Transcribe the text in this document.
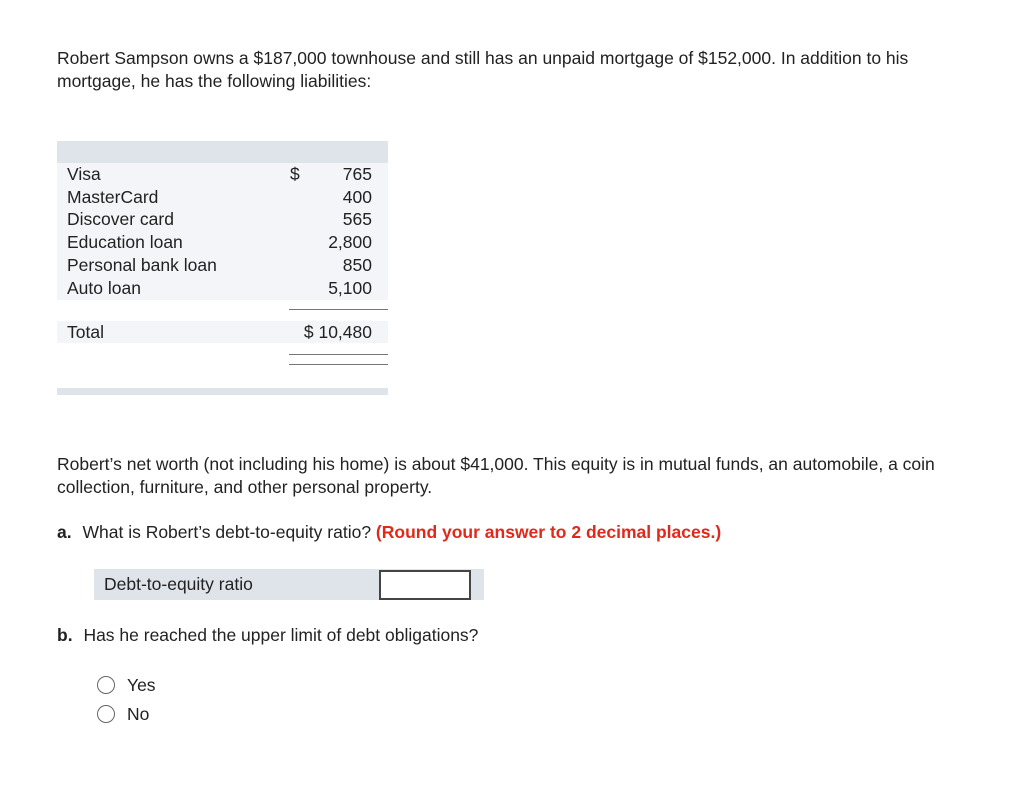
Robert Sampson owns a $187,000 townhouse and still has an unpaid mortgage of $152,000. In addition to his mortgage, he has the following liabilities:

Visa	$	765
MasterCard	400
Discover card	565
Education loan	2,800
Personal bank loan	850
Auto loan	5,100
Total	$ 10,480

Robert’s net worth (not including his home) is about $41,000. This equity is in mutual funds, an automobile, a coin collection, furniture, and other personal property.

a. What is Robert’s debt-to-equity ratio? (Round your answer to 2 decimal places.)

Debt-to-equity ratio

b. Has he reached the upper limit of debt obligations?

Yes
No
